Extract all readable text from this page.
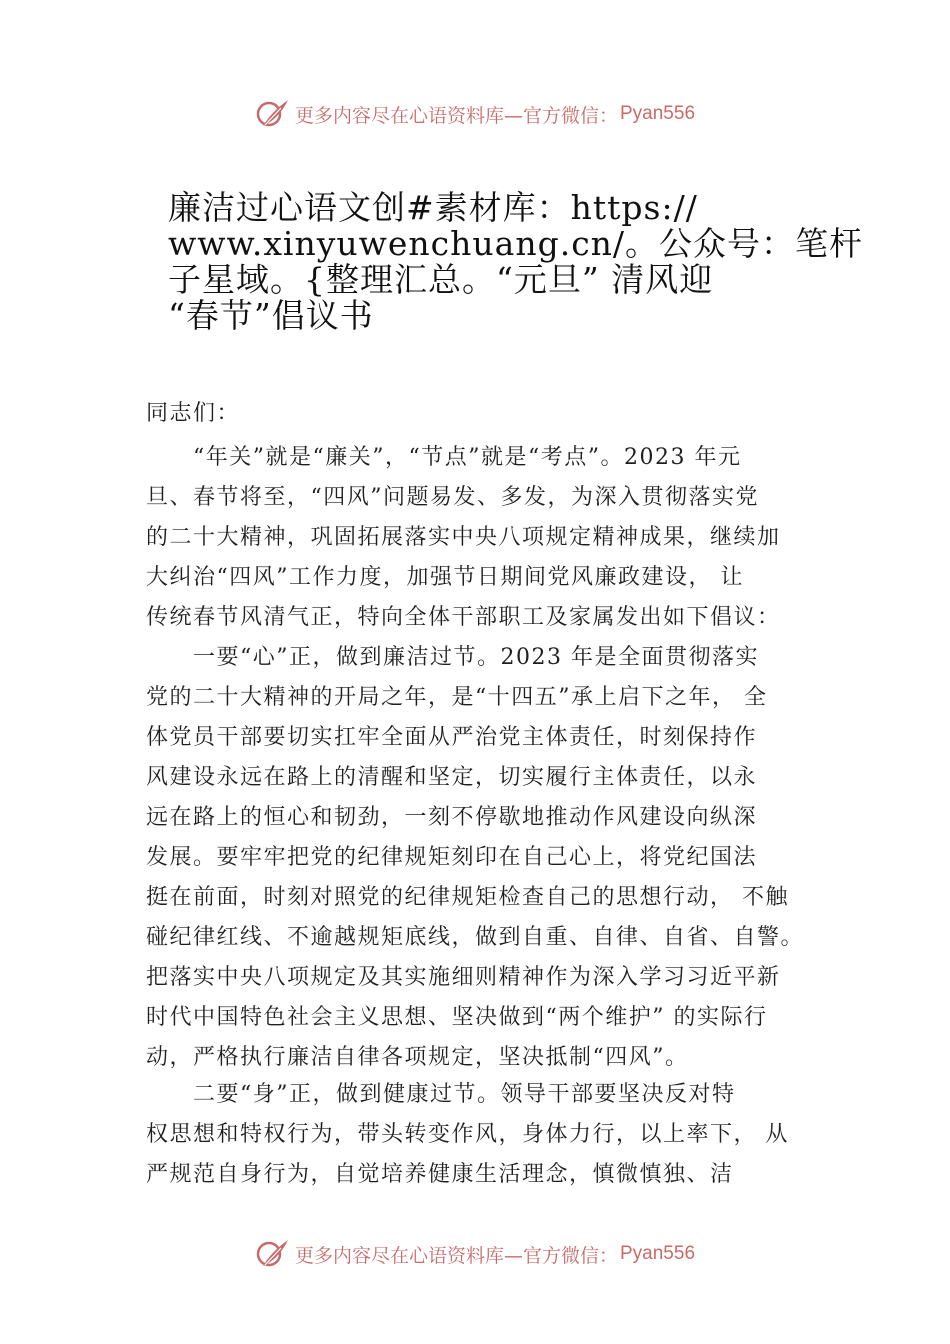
更多内容尽在心语资料库—官方微信： Pyan556
廉洁过心语文创#素材库：https://
www.xinyuwenchuang.cn/。公众号：笔杆
子星域。{整理汇总。“元旦” 清风迎
“春节”倡议书
同志们：
　　“年关”就是“廉关”，“节点”就是“考点”。2023 年元
旦、春节将至，“四风”问题易发、多发，为深入贯彻落实党
的二十大精神，巩固拓展落实中央八项规定精神成果，继续加
大纠治“四风”工作力度，加强节日期间党风廉政建设， 让
传统春节风清气正，特向全体干部职工及家属发出如下倡议：
　　一要“心”正，做到廉洁过节。2023 年是全面贯彻落实
党的二十大精神的开局之年，是“十四五”承上启下之年， 全
体党员干部要切实扛牢全面从严治党主体责任，时刻保持作
风建设永远在路上的清醒和坚定，切实履行主体责任，以永
远在路上的恒心和韧劲，一刻不停歇地推动作风建设向纵深
发展。要牢牢把党的纪律规矩刻印在自己心上，将党纪国法
挺在前面，时刻对照党的纪律规矩检查自己的思想行动， 不触
碰纪律红线、不逾越规矩底线，做到自重、自律、自省、自警。
把落实中央八项规定及其实施细则精神作为深入学习习近平新
时代中国特色社会主义思想、坚决做到“两个维护” 的实际行
动，严格执行廉洁自律各项规定，坚决抵制“四风”。
　　二要“身”正，做到健康过节。领导干部要坚决反对特
权思想和特权行为，带头转变作风，身体力行，以上率下， 从
严规范自身行为，自觉培养健康生活理念，慎微慎独、洁
更多内容尽在心语资料库—官方微信： Pyan556
